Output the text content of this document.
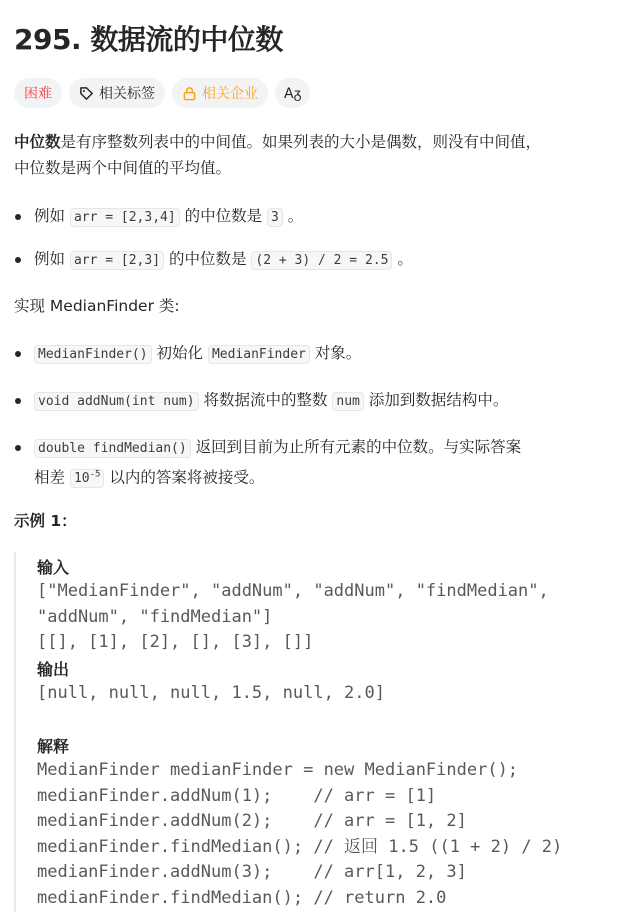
295. 数据流的中位数
困难	相关标签	相关企业 Aᵹ
中位数是有序整数列表中的中间值。如果列表的大小是偶数，则没有中间值，
中位数是两个中间值的平均值。
例如 arr = [2,3,4] 的中位数是 3 。
例如 arr = [2,3] 的中位数是 (2 + 3) / 2 = 2.5 。
实现 MedianFinder 类:
MedianFinder() 初始化 MedianFinder 对象。
void addNum(int num) 将数据流中的整数 num 添加到数据结构中。
double findMedian() 返回到目前为止所有元素的中位数。与实际答案
相差 $10^{-5}$ 以内的答案将被接受。
示例 1：
输入
["MedianFinder", "addNum", "addNum", "findMedian",
"addNum", "findMedian"]
[[], [1], [2], [], [3], []]
输出
[null, null, null, 1.5, null, 2.0]
解释
MedianFinder medianFinder = new MedianFinder();
medianFinder.addNum(1);    // arr = [1]
medianFinder.addNum(2);    // arr = [1, 2]
medianFinder.findMedian(); // 返回 1.5 ((1 + 2) / 2)
medianFinder.addNum(3);    // arr[1, 2, 3]
medianFinder.findMedian(); // return 2.0
